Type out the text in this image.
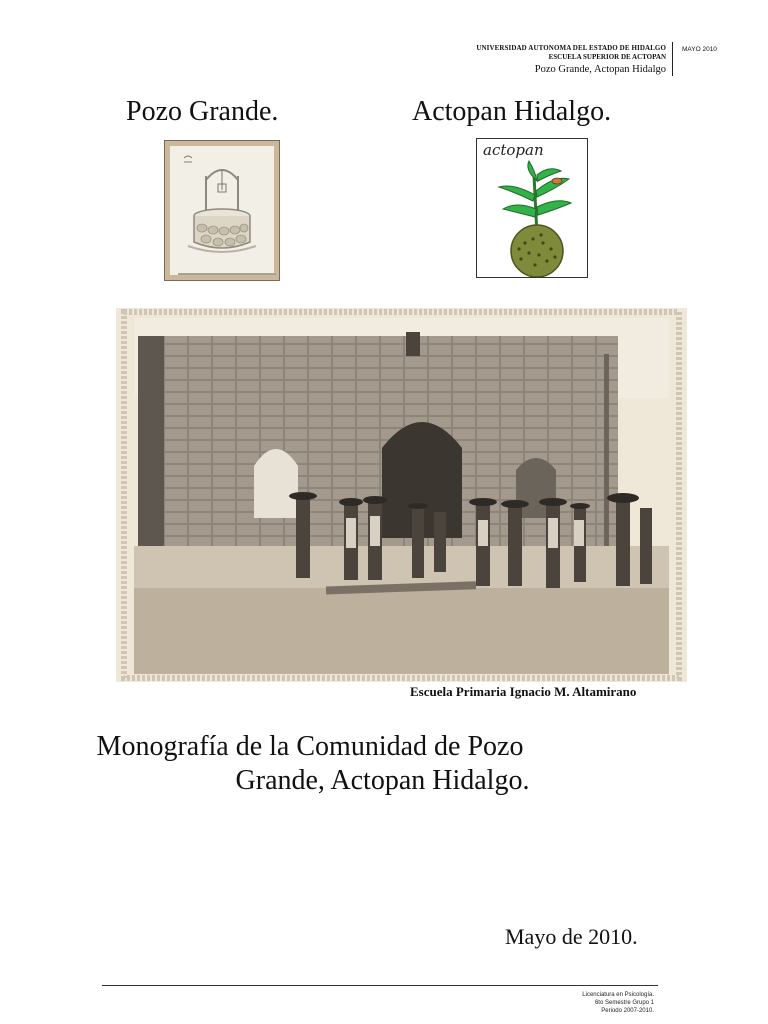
UNIVERSIDAD AUTONOMA DEL ESTADO DE HIDALGO
ESCUELA SUPERIOR DE ACTOPAN
Pozo Grande, Actopan Hidalgo
MAYO 2010
Pozo Grande.	Actopan Hidalgo.
actopan
Escuela Primaria Ignacio M. Altamirano
Monografía de la Comunidad de Pozo
Grande, Actopan Hidalgo.
Mayo de 2010.
Licenciatura en Psicología.
6to Semestre Grupo 1
Periodo 2007-2010.
